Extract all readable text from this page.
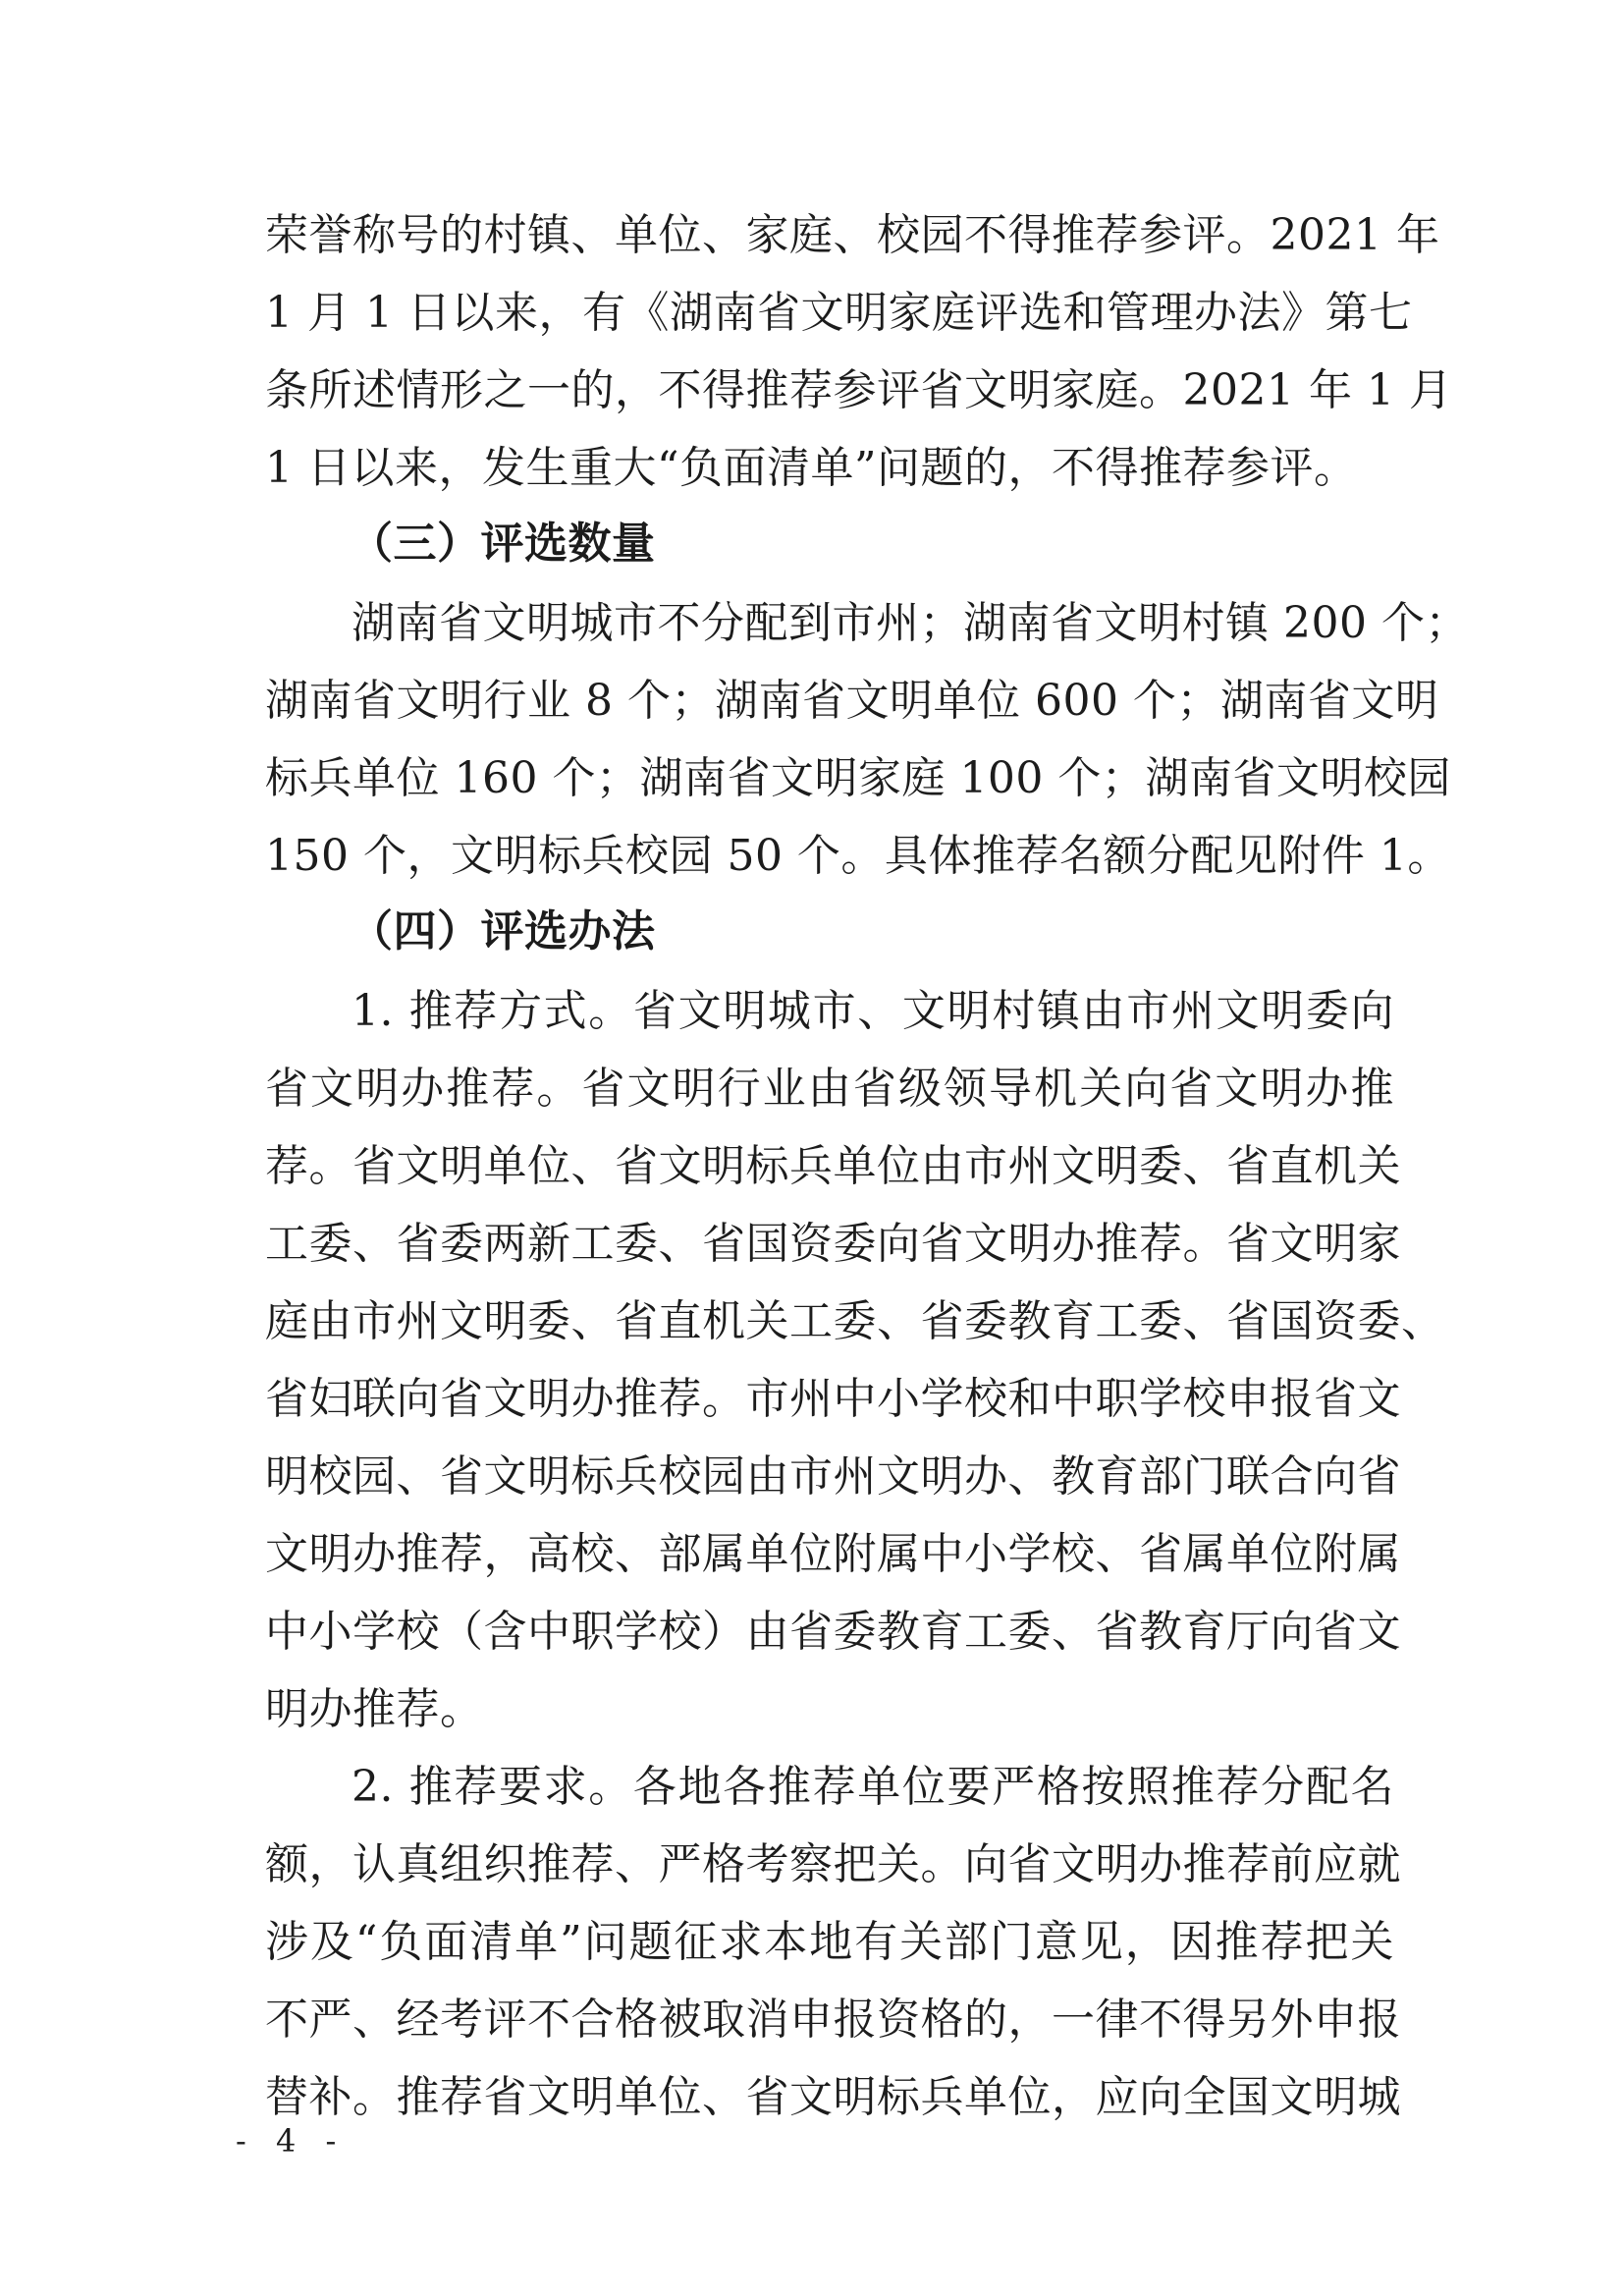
荣誉称号的村镇、单位、家庭、校园不得推荐参评。2021 年
1 月 1 日以来，有《湖南省文明家庭评选和管理办法》第七
条所述情形之一的，不得推荐参评省文明家庭。2021 年 1 月
1 日以来，发生重大“负面清单”问题的，不得推荐参评。
（三）评选数量
湖南省文明城市不分配到市州；湖南省文明村镇 200 个；
湖南省文明行业 8 个；湖南省文明单位 600 个；湖南省文明
标兵单位 160 个；湖南省文明家庭 100 个；湖南省文明校园
150 个，文明标兵校园 50 个。具体推荐名额分配见附件 1。
（四）评选办法
1. 推荐方式。省文明城市、文明村镇由市州文明委向
省文明办推荐。省文明行业由省级领导机关向省文明办推
荐。省文明单位、省文明标兵单位由市州文明委、省直机关
工委、省委两新工委、省国资委向省文明办推荐。省文明家
庭由市州文明委、省直机关工委、省委教育工委、省国资委、
省妇联向省文明办推荐。市州中小学校和中职学校申报省文
明校园、省文明标兵校园由市州文明办、教育部门联合向省
文明办推荐，高校、部属单位附属中小学校、省属单位附属
中小学校（含中职学校）由省委教育工委、省教育厅向省文
明办推荐。
2. 推荐要求。各地各推荐单位要严格按照推荐分配名
额，认真组织推荐、严格考察把关。向省文明办推荐前应就
涉及“负面清单”问题征求本地有关部门意见，因推荐把关
不严、经考评不合格被取消申报资格的，一律不得另外申报
替补。推荐省文明单位、省文明标兵单位，应向全国文明城
- 4 -
